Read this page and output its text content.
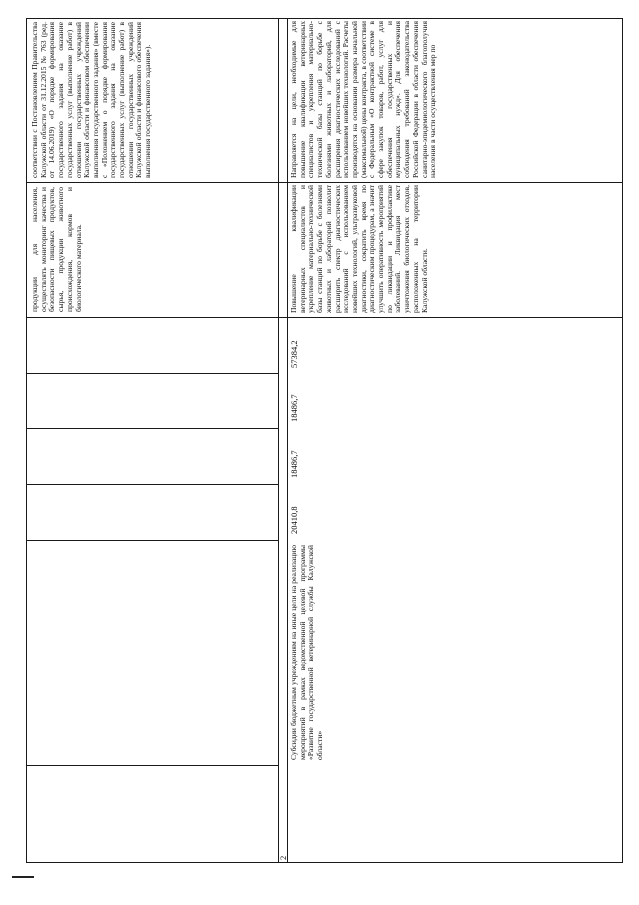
продукции для населения, осуществлять мониторинг качества и безопасности пищевых продуктов, сырья, продукции животного происхождения, кормов и биологического материала.
соответствии с Постановлением Правительства Калужской области от 31.12.2015 № 763 (ред. от 14.06.2019) «О порядке формирования государственного задания на оказание государственных услуг (выполнение работ) в отношении государственных учреждений Калужской области и финансовом обеспечении выполнения государственного задания» (вместе с «Положением о порядке формирования государственного задания на оказание государственных услуг (выполнение работ) в отношении государственных учреждений Калужской области и финансового обеспечения выполнения государственного задания»).
2
Субсидии бюджетным учреждениям на иные цели на реализацию мероприятий в рамках ведомственной целевой программы «Развитие государственной ветеринарной службы Калужской области»
20410,8
18486,7
18486,7
57384,2
Повышение квалификации ветеринарных специалистов и укрепление материально-технической базы станций по борьбе с болезнями животных и лабораторий позволит расширить спектр диагностических исследований с использованием новейших технологий, ультразвуковой диагностики, сократить время по диагностическим процедурам, а значит улучшить оперативность мероприятий по ликвидации и профилактике заболеваний. Ликвидация мест уничтожения биологических отходов, расположенных на территории Калужской области.
Направляется на цели, необходимые для повышение квалификации ветеринарных специалистов и укрепления материально-технической базы станций по борьбе с болезнями животных и лабораторий, для расширения диагностических исследований с использованием новейших технологий. Расчеты производятся на основании размера начальной (максимальной) цены контракта, в соответствии с Федеральным «О контрактной системе в сфере закупок товаров, работ, услуг для обеспечения государственных и муниципальных нужд». Для обеспечения соблюдения требований законодательства Российской Федерации в области обеспечения санитарно-эпидемиологического благополучия населения в части осуществления мер по
